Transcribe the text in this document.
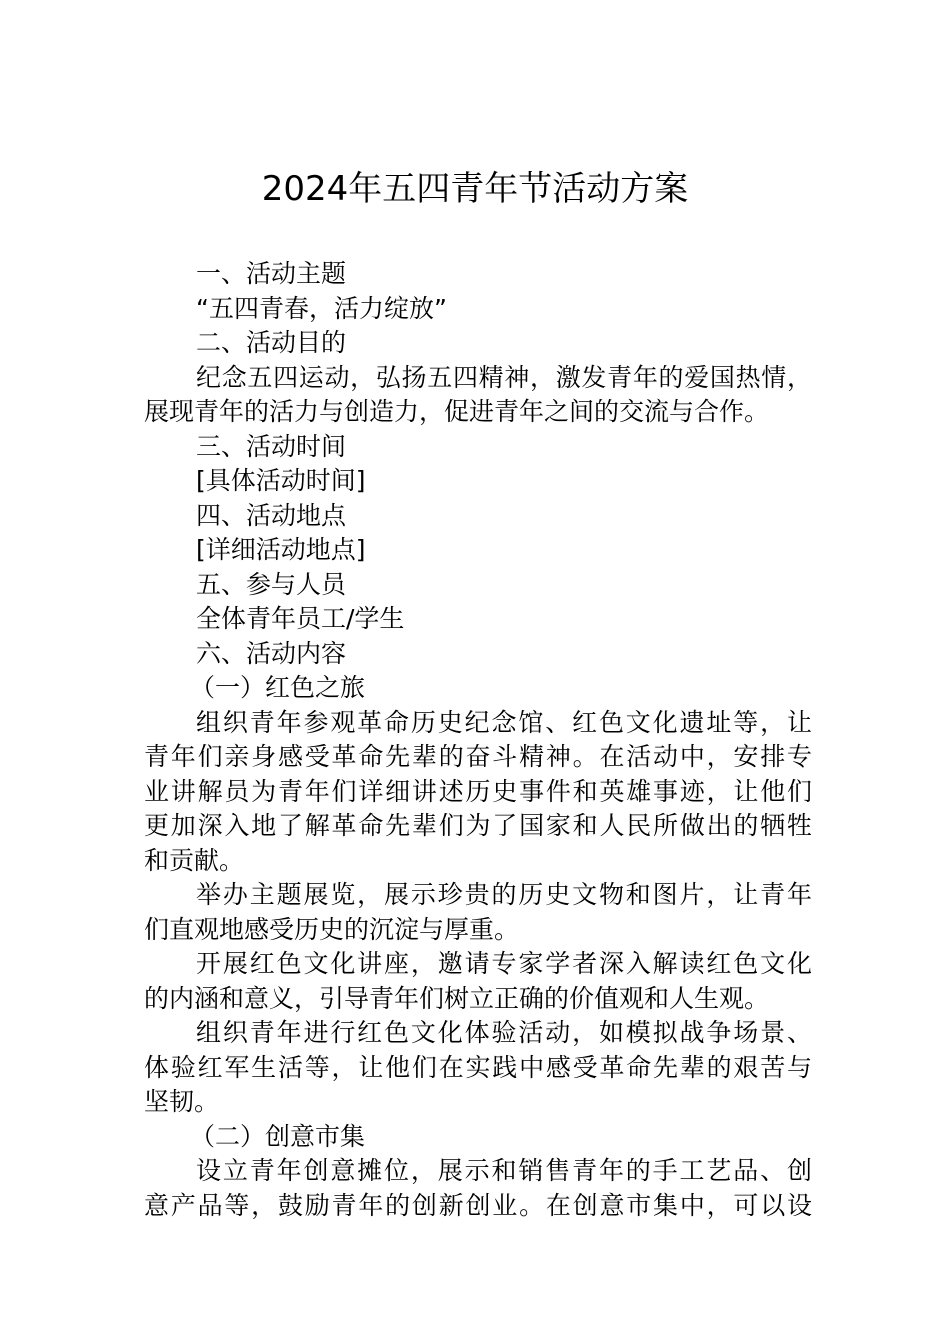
2024年五四青年节活动方案
一、活动主题
“五四青春，活力绽放”
二、活动目的
纪念五四运动，弘扬五四精神，激发青年的爱国热情，
展现青年的活力与创造力，促进青年之间的交流与合作。
三、活动时间
[具体活动时间]
四、活动地点
[详细活动地点]
五、参与人员
全体青年员工/学生
六、活动内容
（一）红色之旅
组织青年参观革命历史纪念馆、红色文化遗址等，让
青年们亲身感受革命先辈的奋斗精神。在活动中，安排专
业讲解员为青年们详细讲述历史事件和英雄事迹，让他们
更加深入地了解革命先辈们为了国家和人民所做出的牺牲
和贡献。
举办主题展览，展示珍贵的历史文物和图片，让青年
们直观地感受历史的沉淀与厚重。
开展红色文化讲座，邀请专家学者深入解读红色文化
的内涵和意义，引导青年们树立正确的价值观和人生观。
组织青年进行红色文化体验活动，如模拟战争场景、
体验红军生活等，让他们在实践中感受革命先辈的艰苦与
坚韧。
（二）创意市集
设立青年创意摊位，展示和销售青年的手工艺品、创
意产品等，鼓励青年的创新创业。在创意市集中，可以设
